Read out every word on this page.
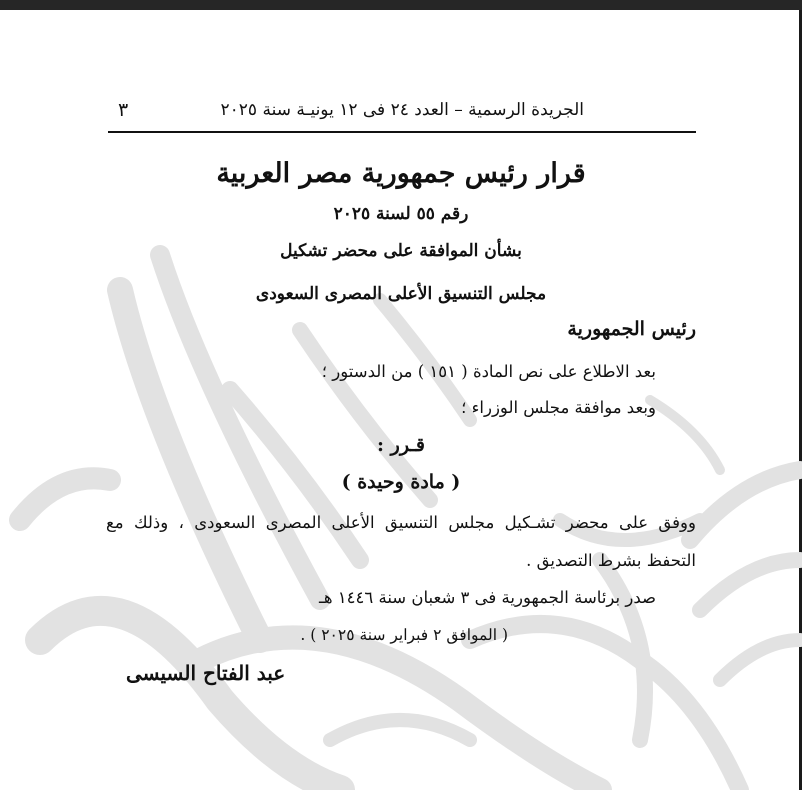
الجريدة الرسمية – العدد ٢٤ فى ١٢ يونيـة سنة ٢٠٢٥
٣
قرار رئيس جمهورية مصر العربية
رقم ٥٥ لسنة ٢٠٢٥
بشأن الموافقة على محضر تشكيل
مجلس التنسيق الأعلى المصرى السعودى
رئيس الجمهورية
بعد الاطلاع على نص المادة ( ١٥١ ) من الدستور ؛
وبعد موافقة مجلس الوزراء ؛
قـرر :
( مادة وحيدة )
ووفق على محضر تشـكيل مجلس التنسيق الأعلى المصرى السعودى ، وذلك مع
التحفظ بشرط التصديق .
صدر برئاسة الجمهورية فى ٣ شعبان سنة ١٤٤٦ هـ
( الموافق ٢ فبراير سنة ٢٠٢٥ ) .
عبد الفتاح السيسى
